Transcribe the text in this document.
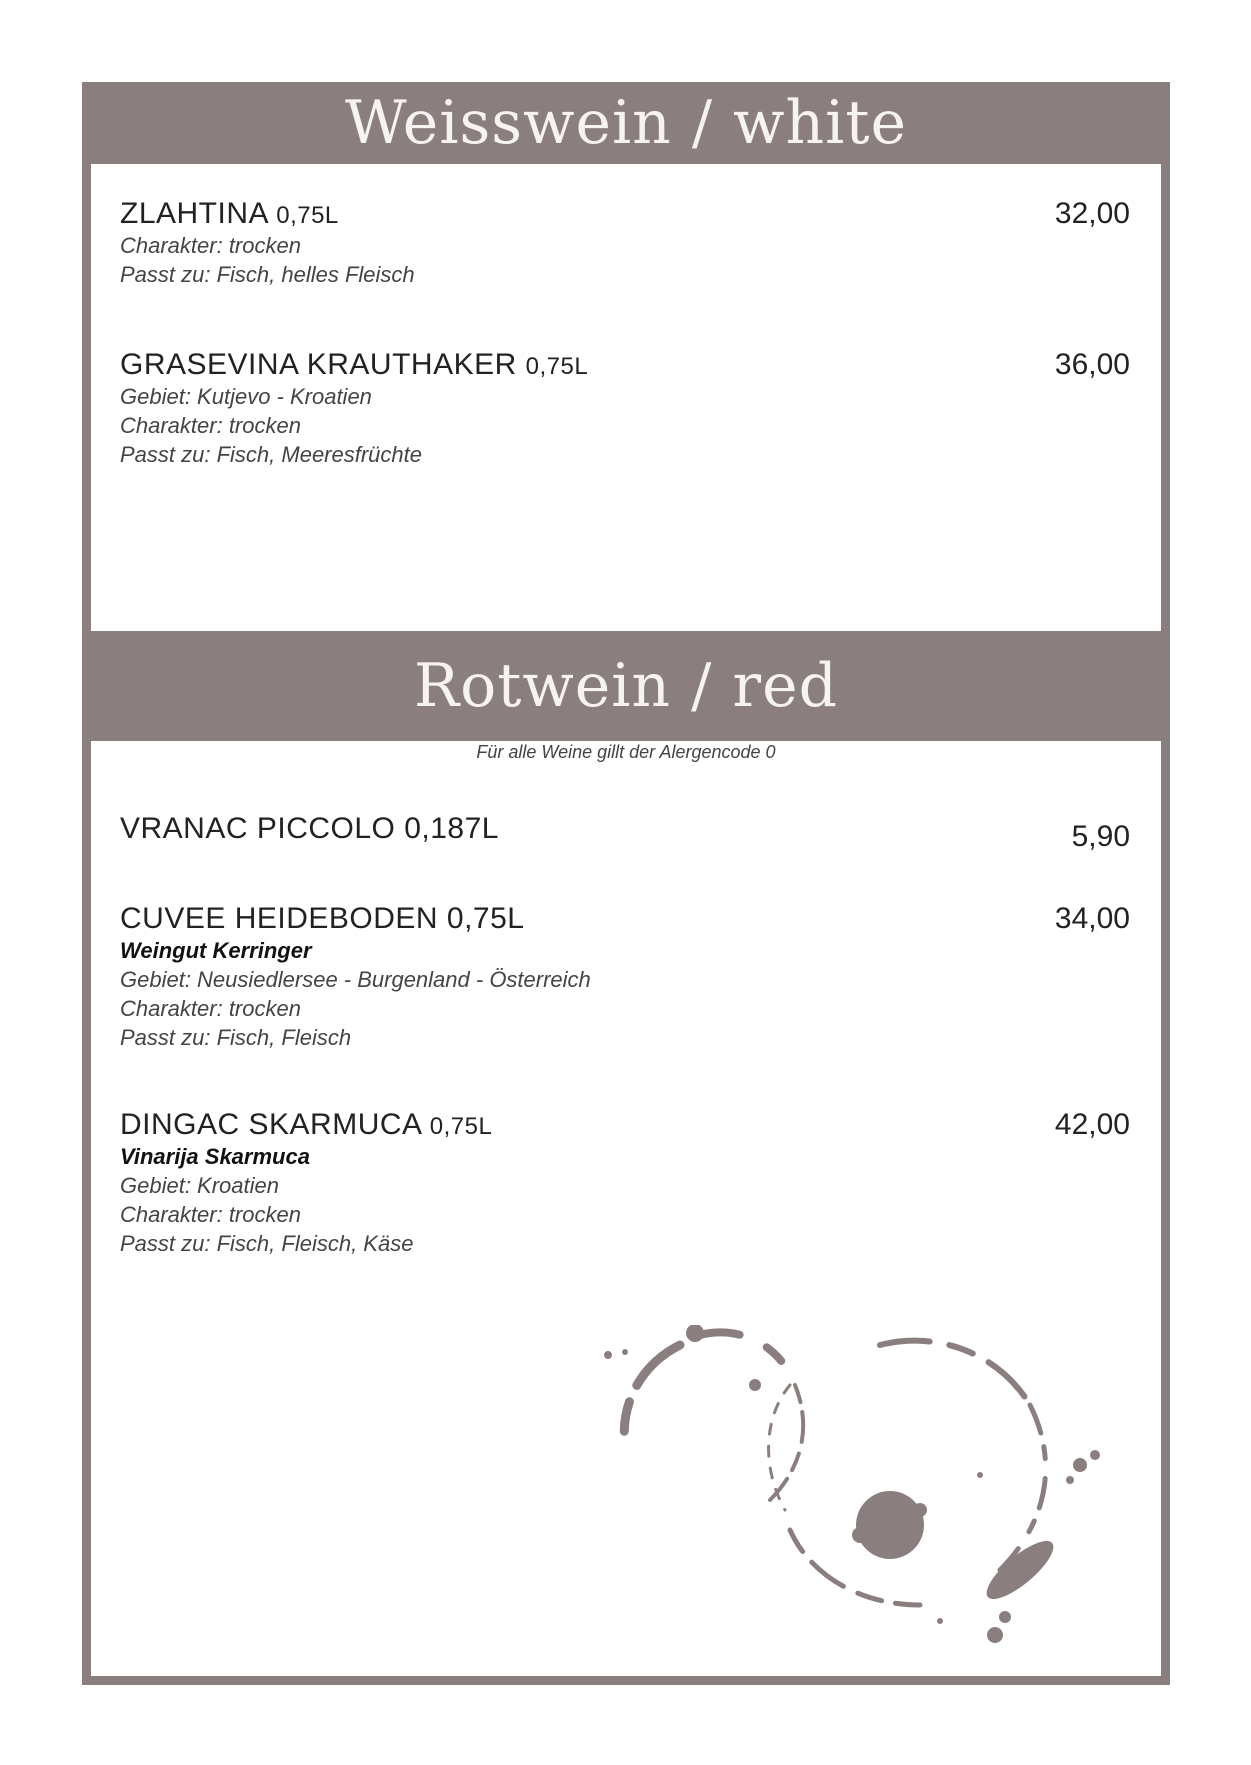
Weisswein / white
ZLAHTINA 0,75L	32,00
Charakter: trocken
Passt zu: Fisch, helles Fleisch
GRASEVINA KRAUTHAKER 0,75L	36,00
Gebiet: Kutjevo - Kroatien
Charakter: trocken
Passt zu: Fisch, Meeresfrüchte
Rotwein / red
Für alle Weine gillt der Alergencode 0
VRANAC PICCOLO 0,187L	5,90
CUVEE HEIDEBODEN 0,75L	34,00
Weingut Kerringer
Gebiet: Neusiedlersee - Burgenland - Österreich
Charakter: trocken
Passt zu: Fisch, Fleisch
DINGAC SKARMUCA 0,75L	42,00
Vinarija Skarmuca
Gebiet: Kroatien
Charakter: trocken
Passt zu: Fisch, Fleisch, Käse
